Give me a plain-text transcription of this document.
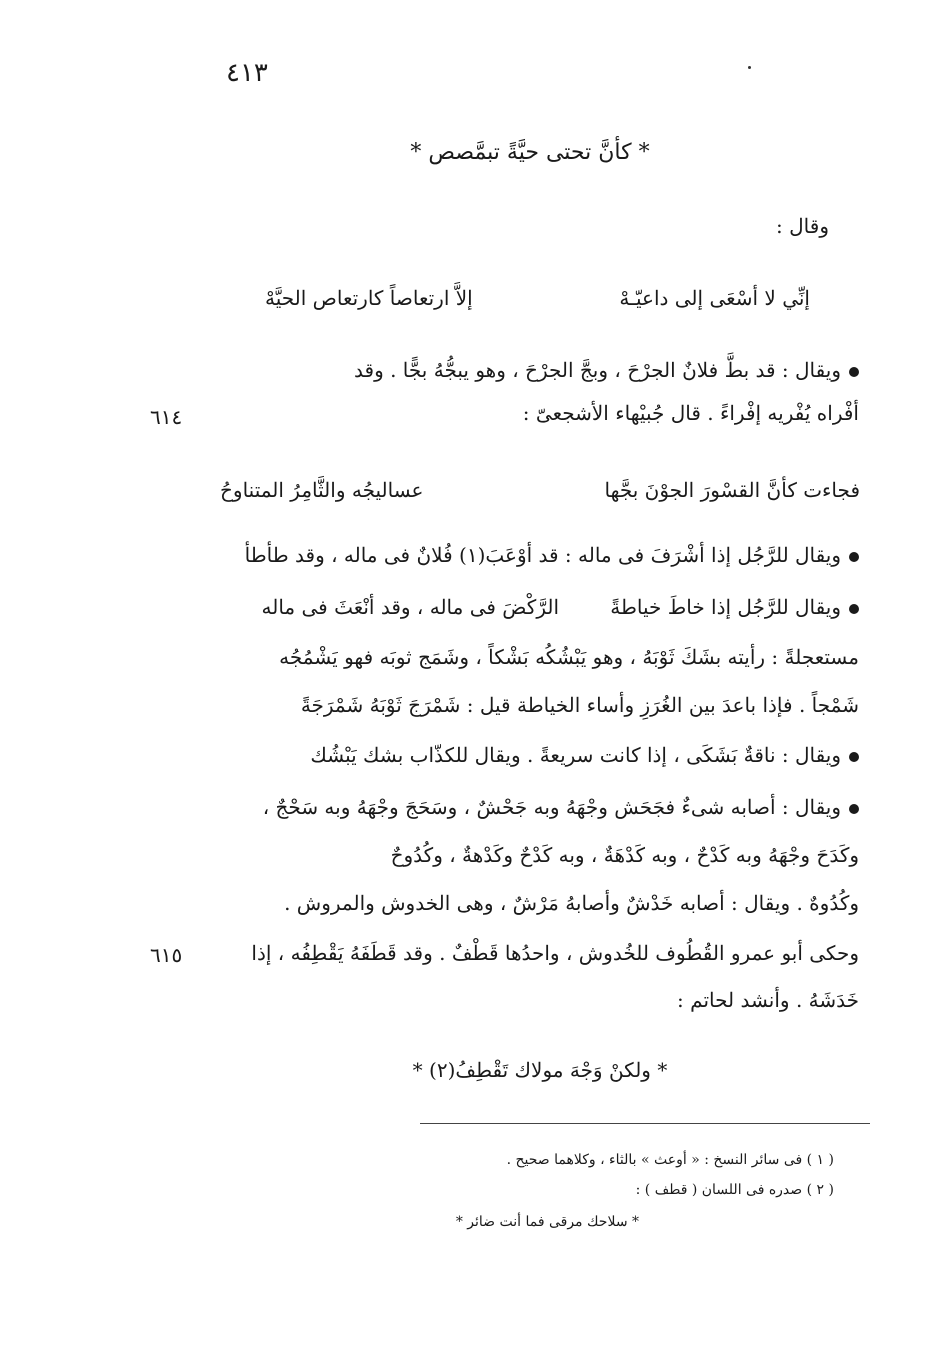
٤١٣
* كأنَّ تحتى حيَّةً تبمَّصص *
وقال :
إنِّي لا أسْعَى إلى داعيّـهْ
إلاَّ ارتعاصاً كارتعاص الحيَّهْ
ويقال : قد بطَّ فلانٌ الجرْحَ ، وبجَّ الجرْحَ ، وهو يبجُّهُ بجًّا . وقد
أفْراه يُفْريه إفْراءً . قال جُبيْهاء الأشجعىّ :
٦١٤
فجاءت كأنَّ القسْورَ الجوْنَ بجَّها
عساليجُه والثَّامِرُ المتناوحُ
ويقال للرَّجُل إذا أشْرَفَ فى ماله : قد أوْعَبَ(١) فُلانٌ فى ماله ، وقد طأطأ
الرَّكْضَ فى ماله ، وقد أنْعَثَ فى ماله	ويقال للرَّجُل إذا خاطَ خياطةً
مستعجلةً : رأيته بشَكَ ثَوْبَهُ ، وهو يَبْشُكُه بَشْكاً ، وشَمَج ثوبَه فهو يَشْمُجُه
شَمْجاً . فإذا باعدَ بين الغُرَزِ وأساء الخياطة قيل : شَمْرَجَ ثَوْبَهُ شَمْرَجَةً
ويقال : ناقةٌ بَشَكَى ، إذا كانت سريعةً . ويقال للكذّاب بشك يَبْشُك
ويقال : أصابه شىءٌ فجَحَش وجْهَهُ وبه جَحْشٌ ، وسَحَجَ وجْهَهُ وبه سَحْجٌ ،
وكَدَحَ وجْهَهُ وبه كَدْحٌ ، وبه كَدْهَةٌ ، وبه كَدْحٌ وكَدْهةٌ ، وكُدُوحٌ
وكُدُوهٌ . ويقال : أصابه خَدْشٌ وأصابهُ مَرْشٌ ، وهى الخدوش والمروش .
وحكى أبو عمرو القُطُوف للخُدوش ، واحدُها قَطْفٌ . وقد قَطَفَهُ يَقْطِفُه ، إذا
٦١٥
خَدَشَهُ . وأنشد لحاتم :
* ولكنْ وَجْهَ مولاك تَقْطِفُ(٢) *
( ١ ) فى سائر النسخ : « أوعث » بالثاء ، وكلاهما صحيح .
( ٢ ) صدره فى اللسان ( قطف ) :
* سلاحك مرقى فما أنت ضائر *
